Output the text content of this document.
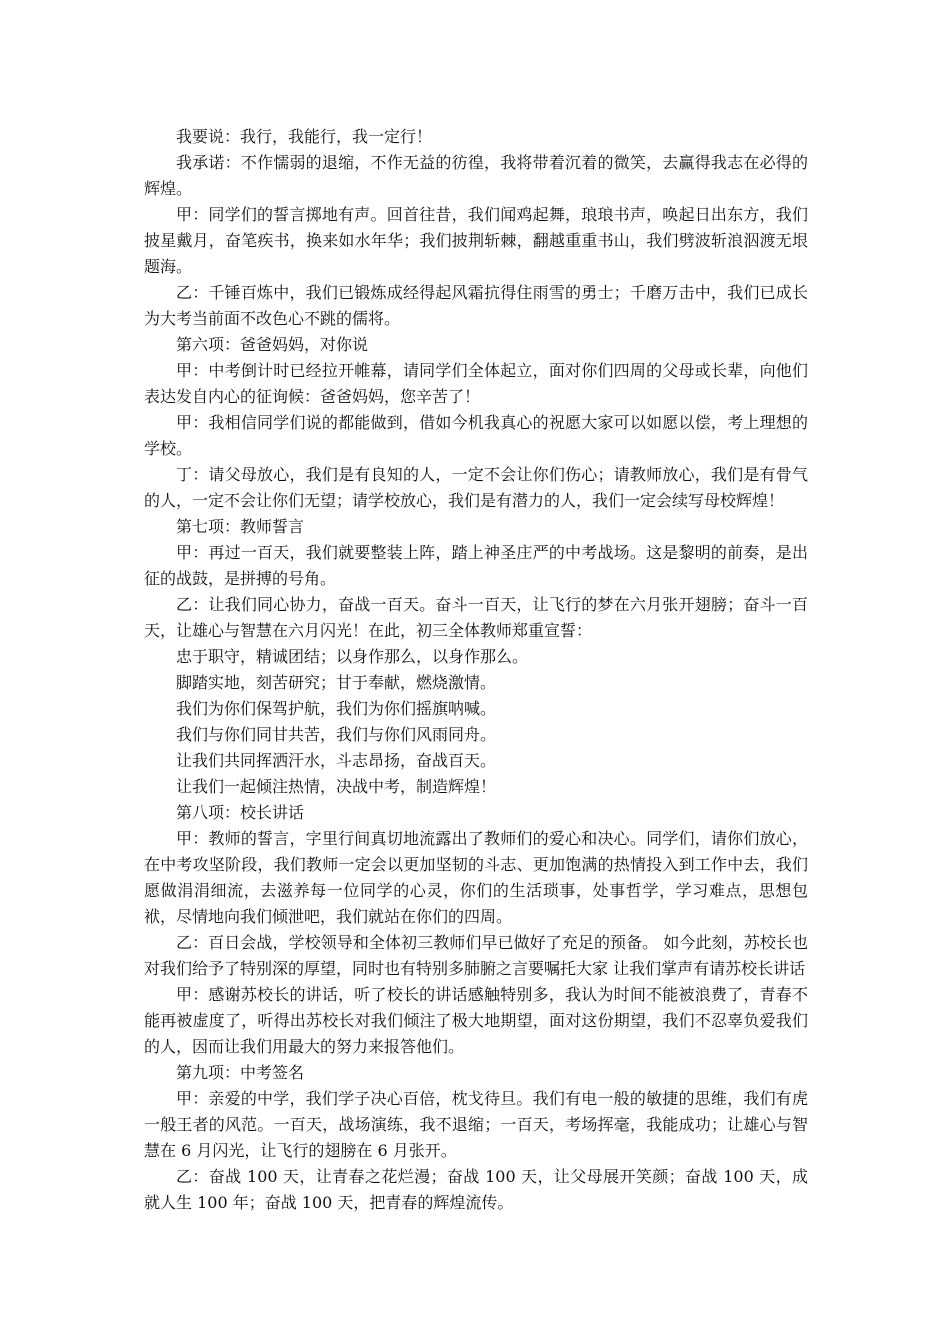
我要说：我行，我能行，我一定行！

我承诺：不作懦弱的退缩，不作无益的彷徨，我将带着沉着的微笑，去赢得我志在必得的辉煌。

甲：同学们的誓言掷地有声。回首往昔，我们闻鸡起舞，琅琅书声，唤起日出东方，我们披星戴月，奋笔疾书，换来如水年华；我们披荆斩棘，翻越重重书山，我们劈波斩浪泅渡无垠题海。

乙：千锤百炼中，我们已锻炼成经得起风霜抗得住雨雪的勇士；千磨万击中，我们已成长为大考当前面不改色心不跳的儒将。

第六项：爸爸妈妈，对你说

甲：中考倒计时已经拉开帷幕，请同学们全体起立，面对你们四周的父母或长辈，向他们表达发自内心的征询候：爸爸妈妈，您辛苦了！

甲：我相信同学们说的都能做到，借如今机我真心的祝愿大家可以如愿以偿，考上理想的学校。

丁：请父母放心，我们是有良知的人，一定不会让你们伤心；请教师放心，我们是有骨气的人，一定不会让你们无望；请学校放心，我们是有潜力的人，我们一定会续写母校辉煌！

第七项：教师誓言

甲：再过一百天，我们就要整装上阵，踏上神圣庄严的中考战场。这是黎明的前奏，是出征的战鼓，是拼搏的号角。

乙：让我们同心协力，奋战一百天。奋斗一百天，让飞行的梦在六月张开翅膀；奋斗一百天，让雄心与智慧在六月闪光！在此，初三全体教师郑重宣誓：

忠于职守，精诚团结；以身作那么，以身作那么。

脚踏实地，刻苦研究；甘于奉献，燃烧激情。

我们为你们保驾护航，我们为你们摇旗呐喊。

我们与你们同甘共苦，我们与你们风雨同舟。

让我们共同挥洒汗水，斗志昂扬，奋战百天。

让我们一起倾注热情，决战中考，制造辉煌！

第八项：校长讲话

甲：教师的誓言，字里行间真切地流露出了教师们的爱心和决心。同学们，请你们放心，在中考攻坚阶段，我们教师一定会以更加坚韧的斗志、更加饱满的热情投入到工作中去，我们愿做涓涓细流，去滋养每一位同学的心灵，你们的生活琐事，处事哲学，学习难点，思想包袱，尽情地向我们倾泄吧，我们就站在你们的四周。

乙：百日会战，学校领导和全体初三教师们早已做好了充足的预备。 如今此刻，苏校长也对我们给予了特别深的厚望，同时也有特别多肺腑之言要嘱托大家 让我们掌声有请苏校长讲话

甲：感谢苏校长的讲话，听了校长的讲话感触特别多，我认为时间不能被浪费了，青春不能再被虚度了，听得出苏校长对我们倾注了极大地期望，面对这份期望，我们不忍辜负爱我们的人，因而让我们用最大的努力来报答他们。

第九项：中考签名

甲：亲爱的中学，我们学子决心百倍，枕戈待旦。我们有电一般的敏捷的思维，我们有虎一般王者的风范。一百天，战场演练，我不退缩；一百天，考场挥毫，我能成功；让雄心与智慧在 6 月闪光，让飞行的翅膀在 6 月张开。

乙：奋战 100 天，让青春之花烂漫；奋战 100 天，让父母展开笑颜；奋战 100 天，成就人生 100 年；奋战 100 天，把青春的辉煌流传。
